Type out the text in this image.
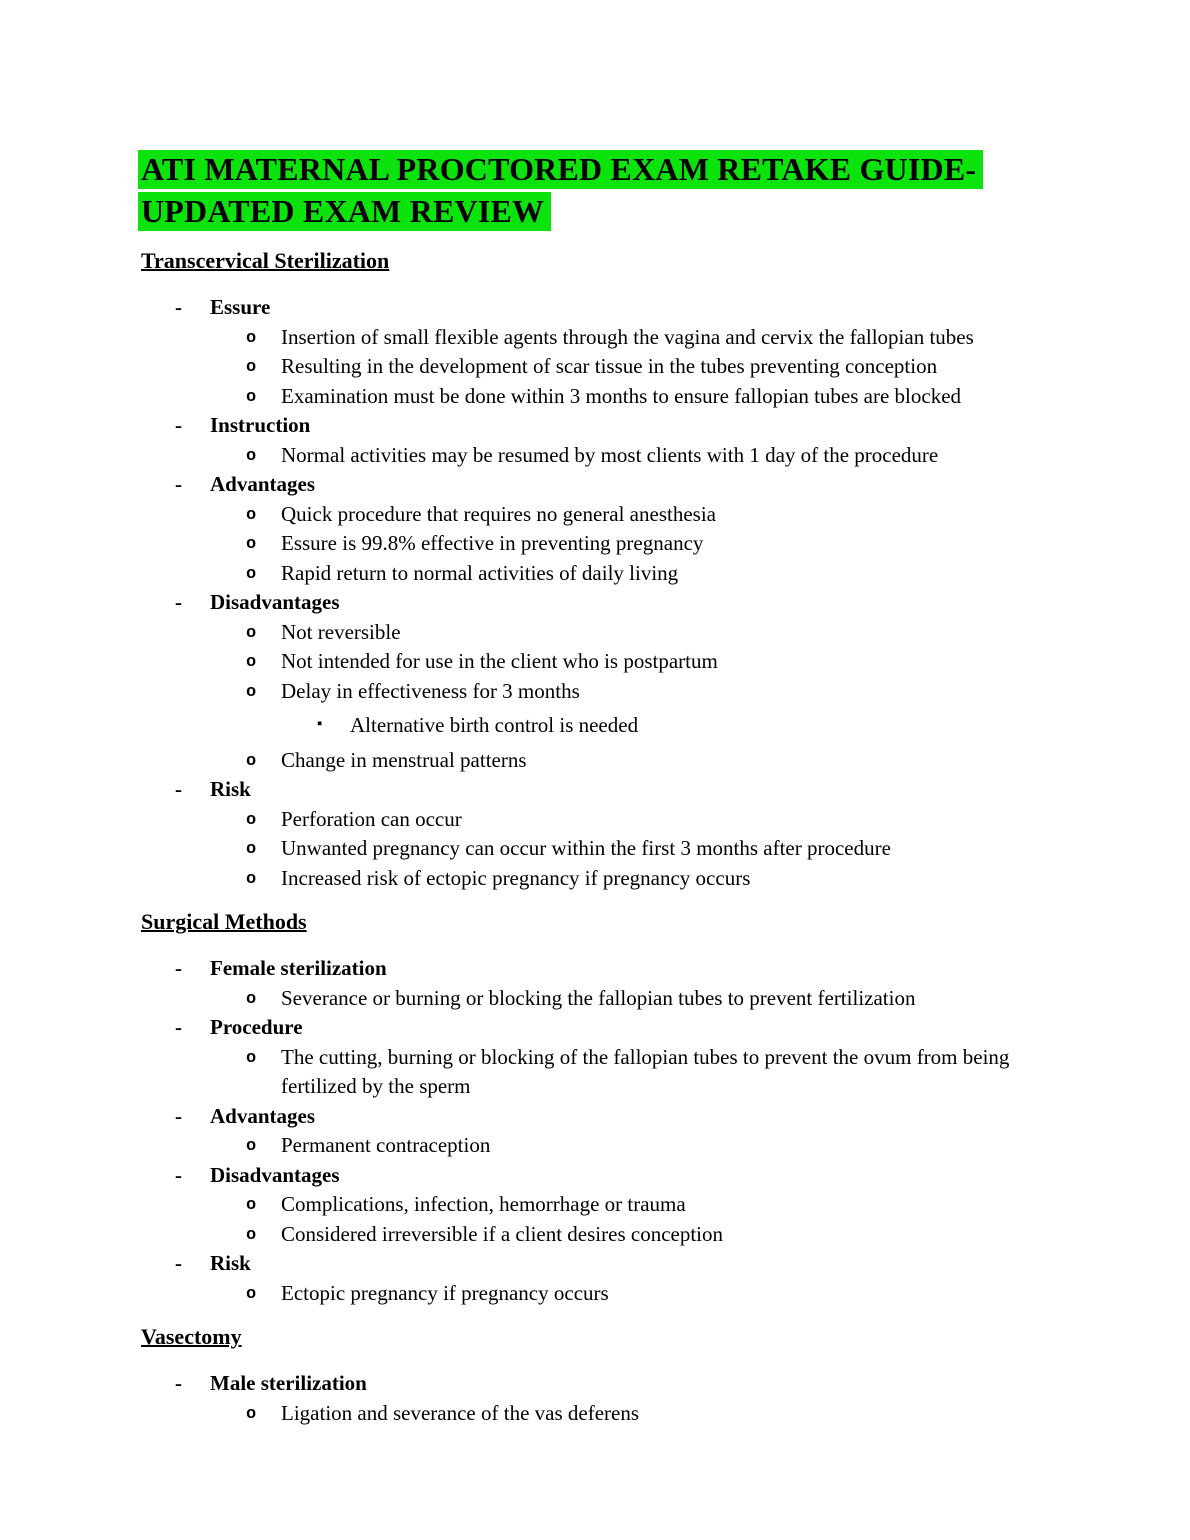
ATI MATERNAL PROCTORED EXAM RETAKE GUIDE-
UPDATED EXAM REVIEW
Transcervical Sterilization
- Essure
o Insertion of small flexible agents through the vagina and cervix the fallopian tubes
o Resulting in the development of scar tissue in the tubes preventing conception
o Examination must be done within 3 months to ensure fallopian tubes are blocked
- Instruction
o Normal activities may be resumed by most clients with 1 day of the procedure
- Advantages
o Quick procedure that requires no general anesthesia
o Essure is 99.8% effective in preventing pregnancy
o Rapid return to normal activities of daily living
- Disadvantages
o Not reversible
o Not intended for use in the client who is postpartum
o Delay in effectiveness for 3 months
▪ Alternative birth control is needed
o Change in menstrual patterns
- Risk
o Perforation can occur
o Unwanted pregnancy can occur within the first 3 months after procedure
o Increased risk of ectopic pregnancy if pregnancy occurs
Surgical Methods
- Female sterilization
o Severance or burning or blocking the fallopian tubes to prevent fertilization
- Procedure
o The cutting, burning or blocking of the fallopian tubes to prevent the ovum from being fertilized by the sperm
- Advantages
o Permanent contraception
- Disadvantages
o Complications, infection, hemorrhage or trauma
o Considered irreversible if a client desires conception
- Risk
o Ectopic pregnancy if pregnancy occurs
Vasectomy
- Male sterilization
o Ligation and severance of the vas deferens
